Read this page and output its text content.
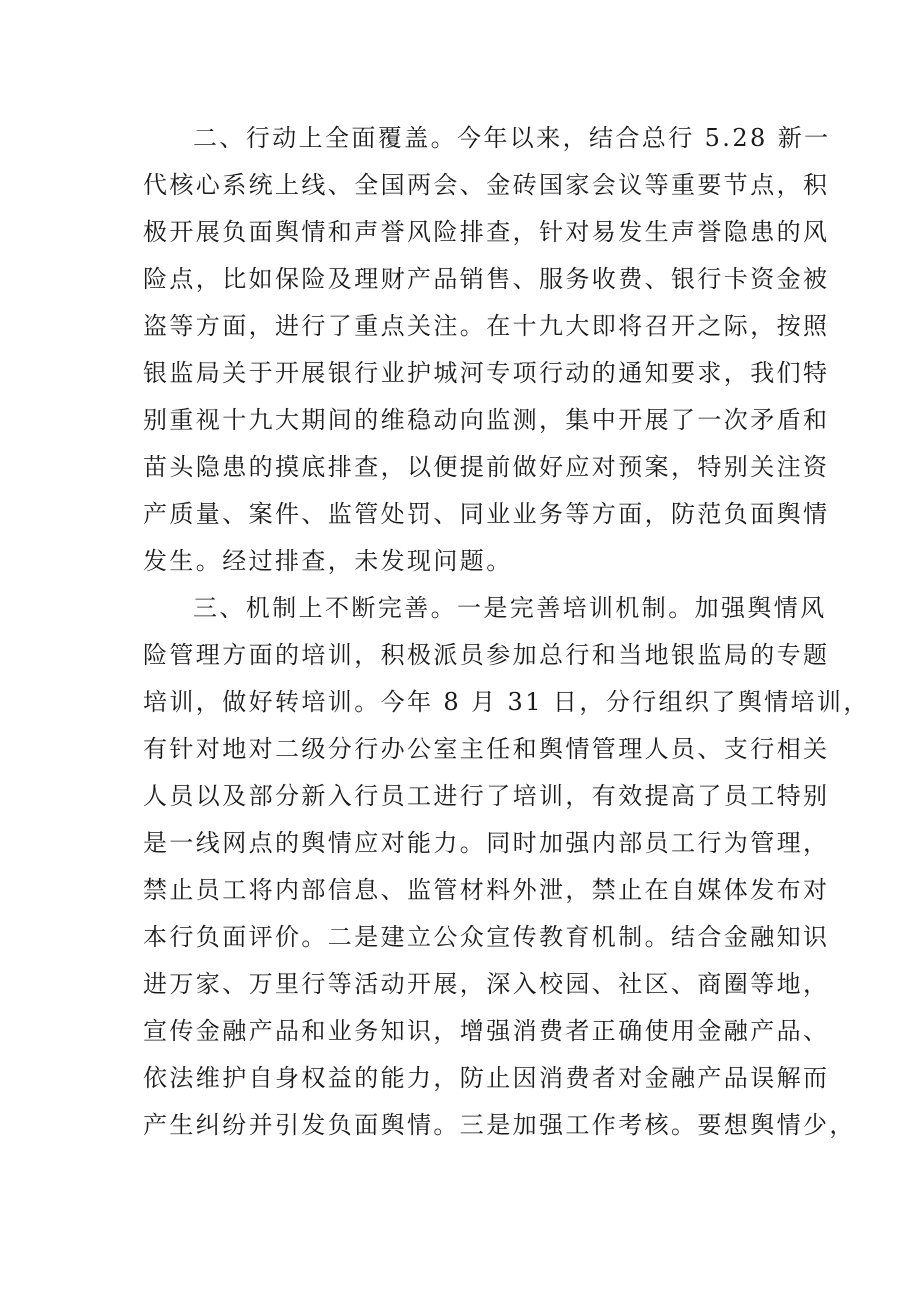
二、行动上全面覆盖。今年以来，结合总行 5.28 新一
代核心系统上线、全国两会、金砖国家会议等重要节点，积
极开展负面舆情和声誉风险排查，针对易发生声誉隐患的风
险点，比如保险及理财产品销售、服务收费、银行卡资金被
盗等方面，进行了重点关注。在十九大即将召开之际，按照
银监局关于开展银行业护城河专项行动的通知要求，我们特
别重视十九大期间的维稳动向监测，集中开展了一次矛盾和
苗头隐患的摸底排查，以便提前做好应对预案，特别关注资
产质量、案件、监管处罚、同业业务等方面，防范负面舆情
发生。经过排查，未发现问题。
三、机制上不断完善。一是完善培训机制。加强舆情风
险管理方面的培训，积极派员参加总行和当地银监局的专题
培训，做好转培训。今年 8 月 31 日，分行组织了舆情培训，
有针对地对二级分行办公室主任和舆情管理人员、支行相关
人员以及部分新入行员工进行了培训，有效提高了员工特别
是一线网点的舆情应对能力。同时加强内部员工行为管理，
禁止员工将内部信息、监管材料外泄，禁止在自媒体发布对
本行负面评价。二是建立公众宣传教育机制。结合金融知识
进万家、万里行等活动开展，深入校园、社区、商圈等地，
宣传金融产品和业务知识，增强消费者正确使用金融产品、
依法维护自身权益的能力，防止因消费者对金融产品误解而
产生纠纷并引发负面舆情。三是加强工作考核。要想舆情少，
